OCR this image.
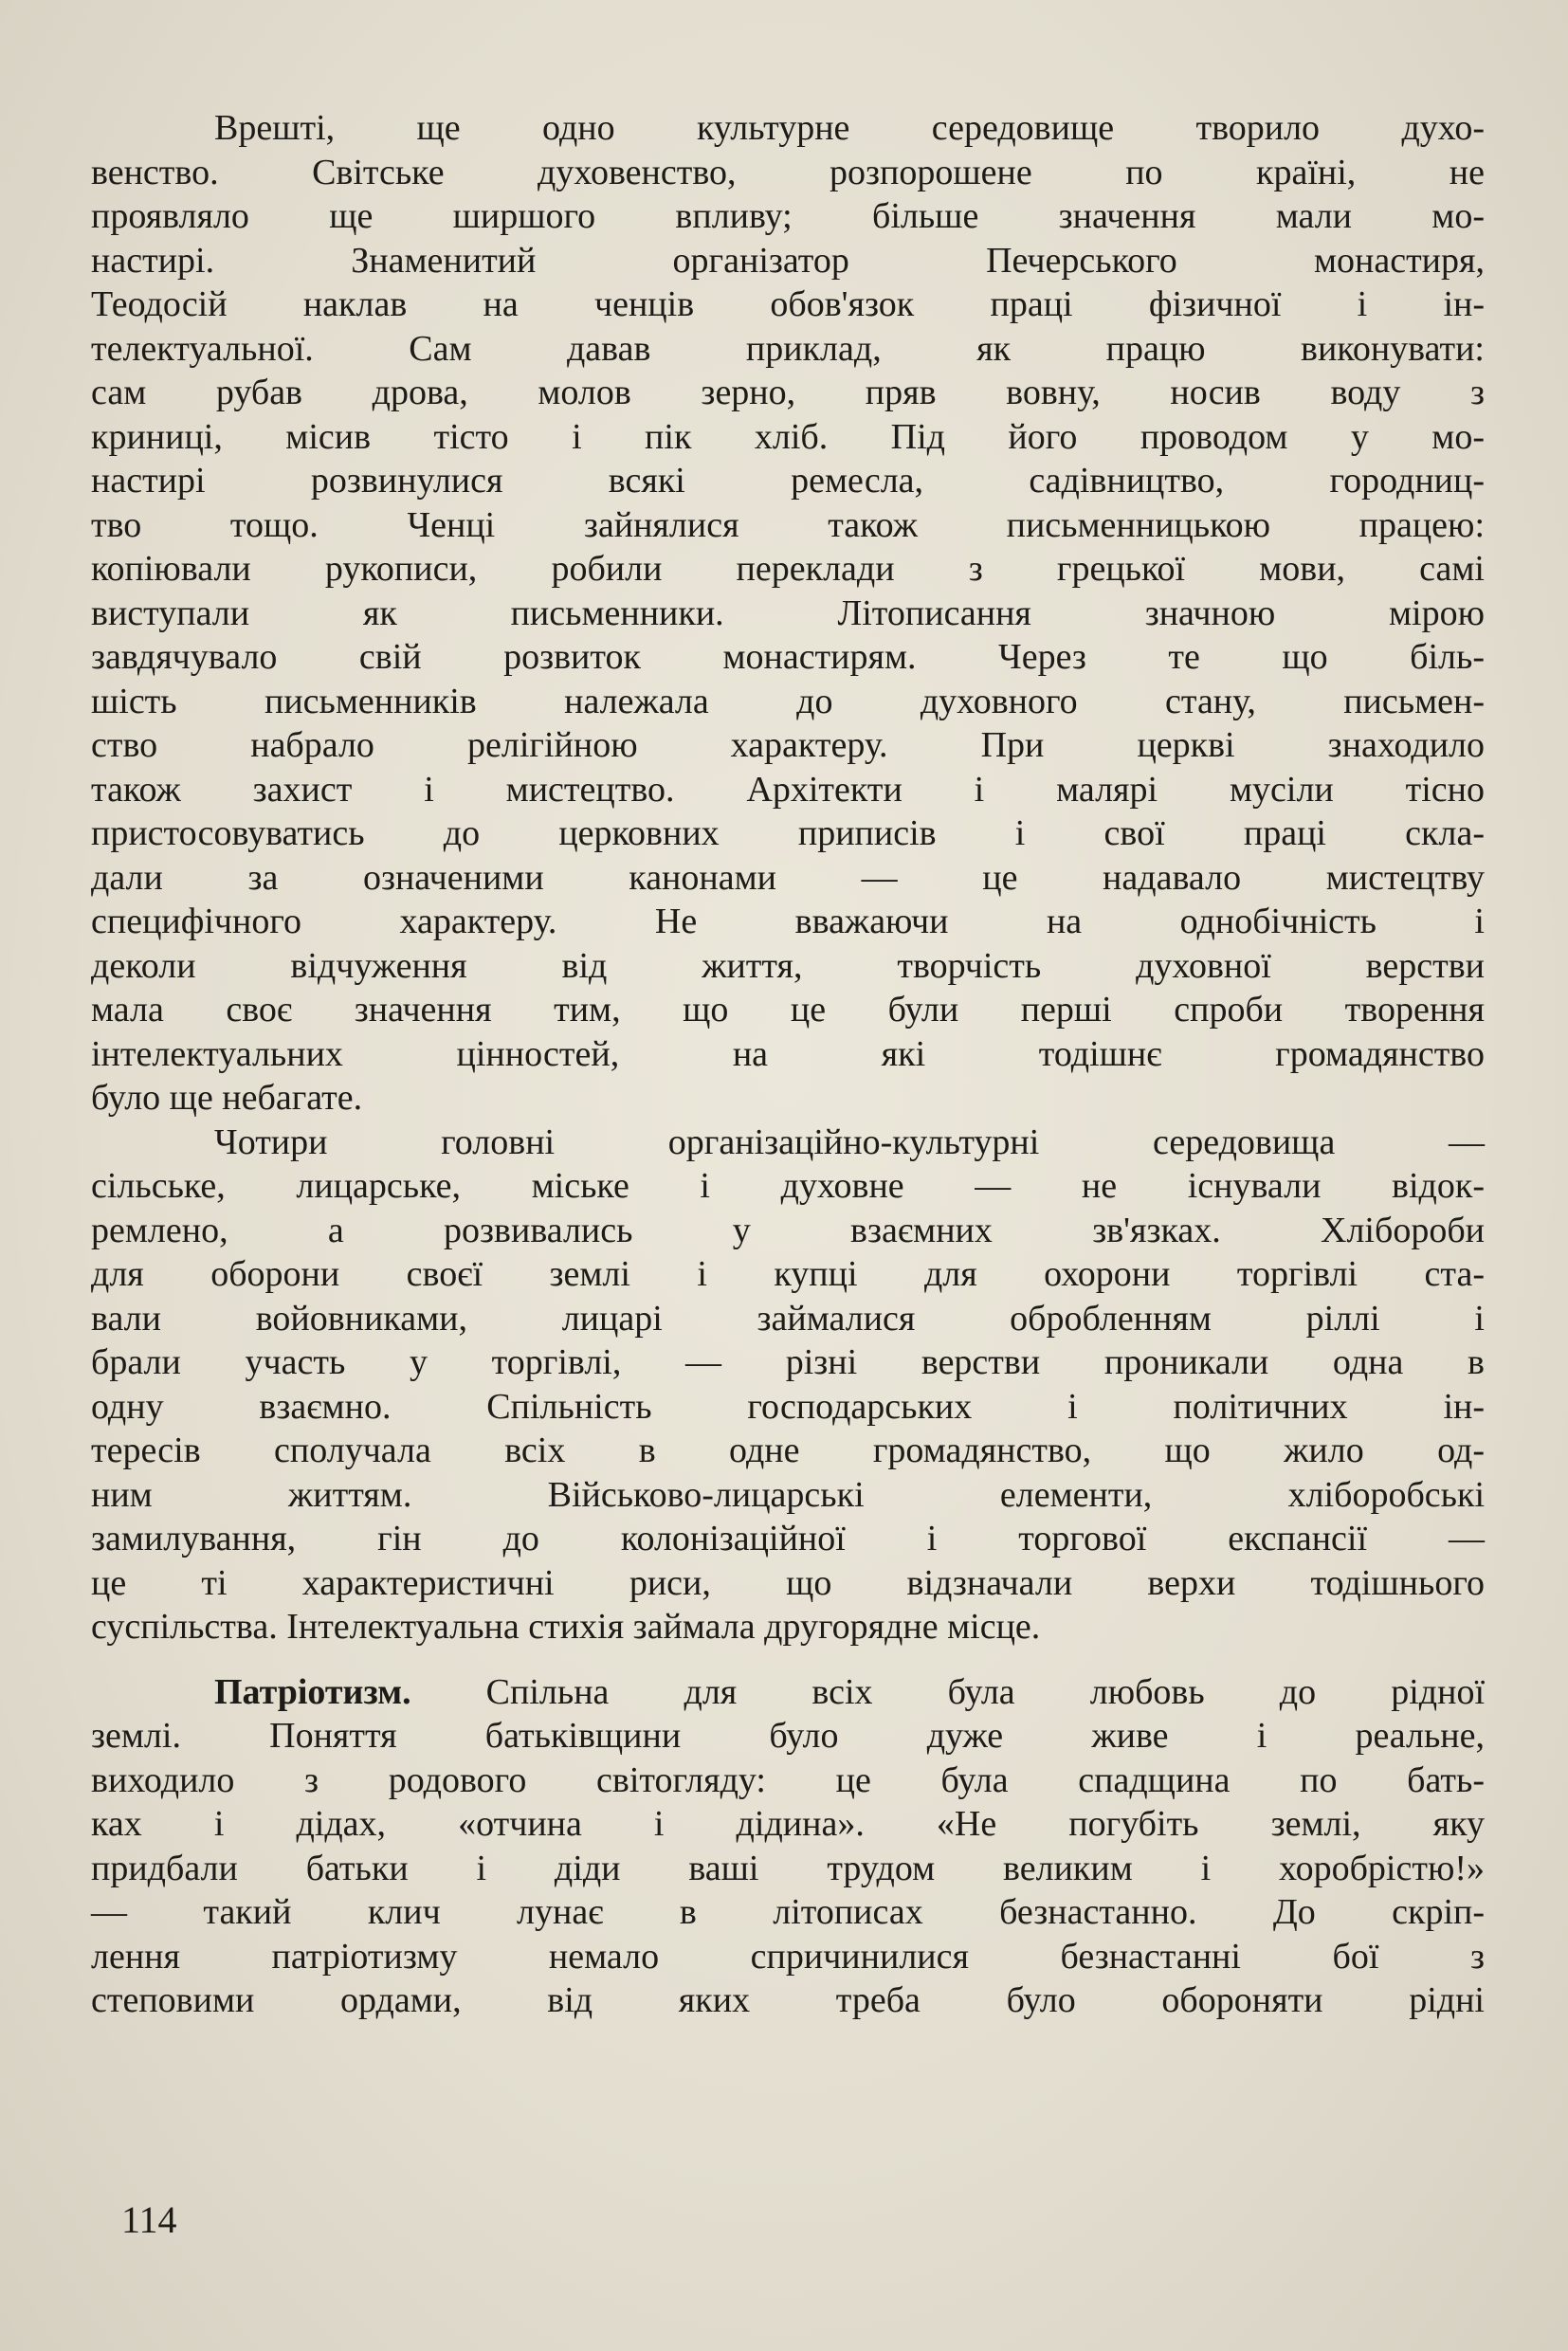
Врешті, ще одно культурне середовище творило духо-
венство. Світське духовенство, розпорошене по країні, не
проявляло ще ширшого впливу; більше значення мали мо-
настирі. Знаменитий організатор Печерського монастиря,
Теодосій наклав на ченців обов'язок праці фізичної і ін-
телектуальної. Сам давав приклад, як працю виконувати:
сам рубав дрова, молов зерно, пряв вовну, носив воду з
криниці, місив тісто і пік хліб. Під його проводом у мо-
настирі розвинулися всякі ремесла, садівництво, городниц-
тво тощо. Ченці зайнялися також письменницькою працею:
копіювали рукописи, робили переклади з грецької мови, самі
виступали як письменники. Літописання значною мірою
завдячувало свій розвиток монастирям. Через те що біль-
шість письменників належала до духовного стану, письмен-
ство набрало релігійною характеру. При церкві знаходило
також захист і мистецтво. Архітекти і малярі мусіли тісно
пристосовуватись до церковних приписів і свої праці скла-
дали за означеними канонами — це надавало мистецтву
специфічного характеру. Не вважаючи на однобічність і
деколи відчуження від життя, творчість духовної верстви
мала своє значення тим, що це були перші спроби творення
інтелектуальних цінностей, на які тодішнє громадянство
було ще небагате.
Чотири головні організаційно-культурні середовища —
сільське, лицарське, міське і духовне — не існували відок-
ремлено, а розвивались у взаємних зв'язках. Хлібороби
для оборони своєї землі і купці для охорони торгівлі ста-
вали войовниками, лицарі займалися обробленням ріллі і
брали участь у торгівлі, — різні верстви проникали одна в
одну взаємно. Спільність господарських і політичних ін-
тересів сполучала всіх в одне громадянство, що жило од-
ним життям. Військово-лицарські елементи, хліборобські
замилування, гін до колонізаційної і торгової експансії —
це ті характеристичні риси, що відзначали верхи тодішнього
суспільства. Інтелектуальна стихія займала другорядне місце.
Патріотизм. Спільна для всіх була любовь до рідної
землі. Поняття батьківщини було дуже живе і реальне,
виходило з родового світогляду: це була спадщина по бать-
ках і дідах, «отчина і дідина». «Не погубіть землі, яку
придбали батьки і діди ваші трудом великим і хоробрістю!»
— такий клич лунає в літописах безнастанно. До скріп-
лення патріотизму немало спричинилися безнастанні бої з
степовими ордами, від яких треба було обороняти рідні
114
